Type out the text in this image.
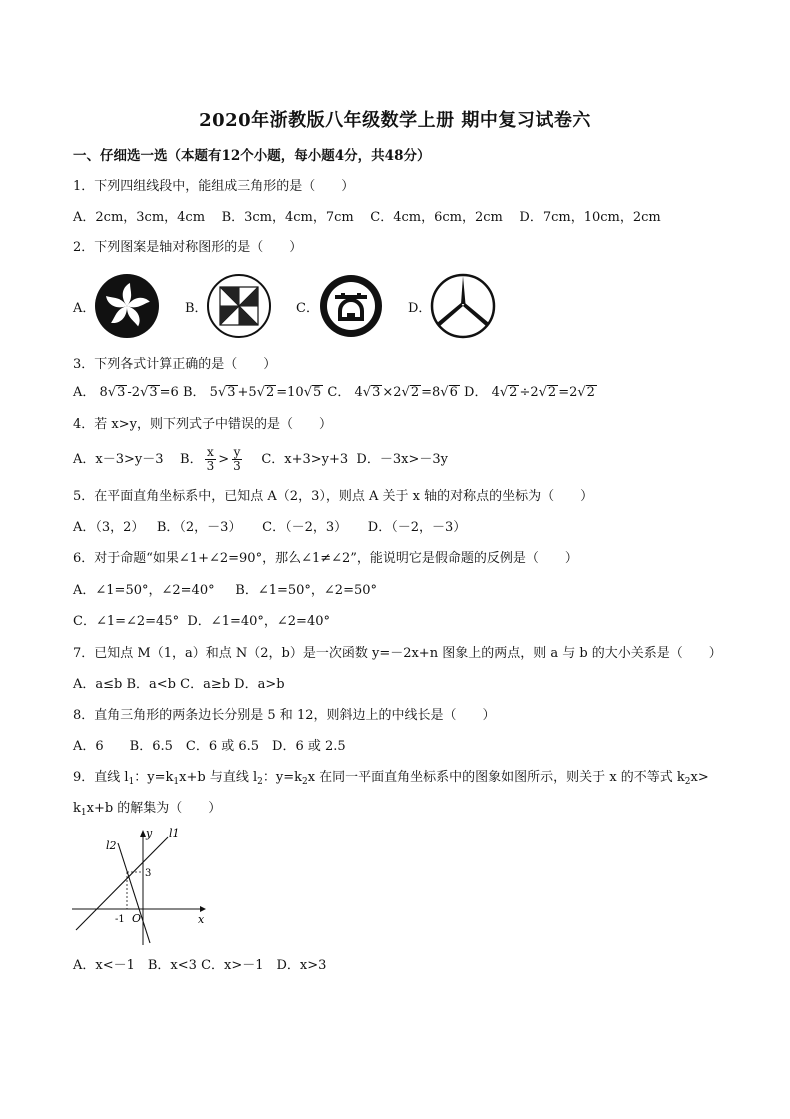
2020年浙教版八年级数学上册 期中复习试卷六
一、仔细选一选（本题有12个小题，每小题4分，共48分）
1．下列四组线段中，能组成三角形的是（　　）
A．2cm，3cm，4cm B．3cm，4cm，7cm C．4cm，6cm，2cm D．7cm，10cm，2cm
2．下列图案是轴对称图形的是（　　）
A．	B．	C．	D．
3．下列各式计算正确的是（　　）
A． 8√3 -2√3 =6 B． 5√3 +5√2 =10√5 C． 4√3 ×2√2 =8√6 D． 4√2 ÷2√2 =2√2
4．若 x>y，则下列式子中错误的是（　　）
A．x－3>y－3 B． $\frac{x}{3} > \frac{y}{3}$ C．x+3>y+3 D．－3x>－3y
5．在平面直角坐标系中，已知点 A（2，3），则点 A 关于 x 轴的对称点的坐标为（　　）
A．（3，2） B．（2，－3） C．（－2，3） D．（－2，－3）
6．对于命题“如果∠1+∠2=90°，那么∠1≠∠2”，能说明它是假命题的反例是（　　）
A．∠1=50°，∠2=40° B．∠1=50°，∠2=50°
C．∠1=∠2=45° D．∠1=40°，∠2=40°
7．已知点 M（1，a）和点 N（2，b）是一次函数 y=－2x+n 图象上的两点，则 a 与 b 的大小关系是（　　）
A．a≤b B．a<b C．a≥b D．a>b
8．直角三角形的两条边长分别是 5 和 12，则斜边上的中线长是（　　）
A．6　　B．6.5　C．6 或 6.5　D．6 或 2.5
9．直线 $l_1$：$y=k_1x+b$ 与直线 $l_2$：$y=k_2x$ 在同一平面直角坐标系中的图象如图所示，则关于 x 的不等式 $k_2x>$
$k_1x+b$ 的解集为（　　）
l1
l2
y
x
O
-1
3
A．x<－1　B．x<3 C．x>－1　D．x>3
